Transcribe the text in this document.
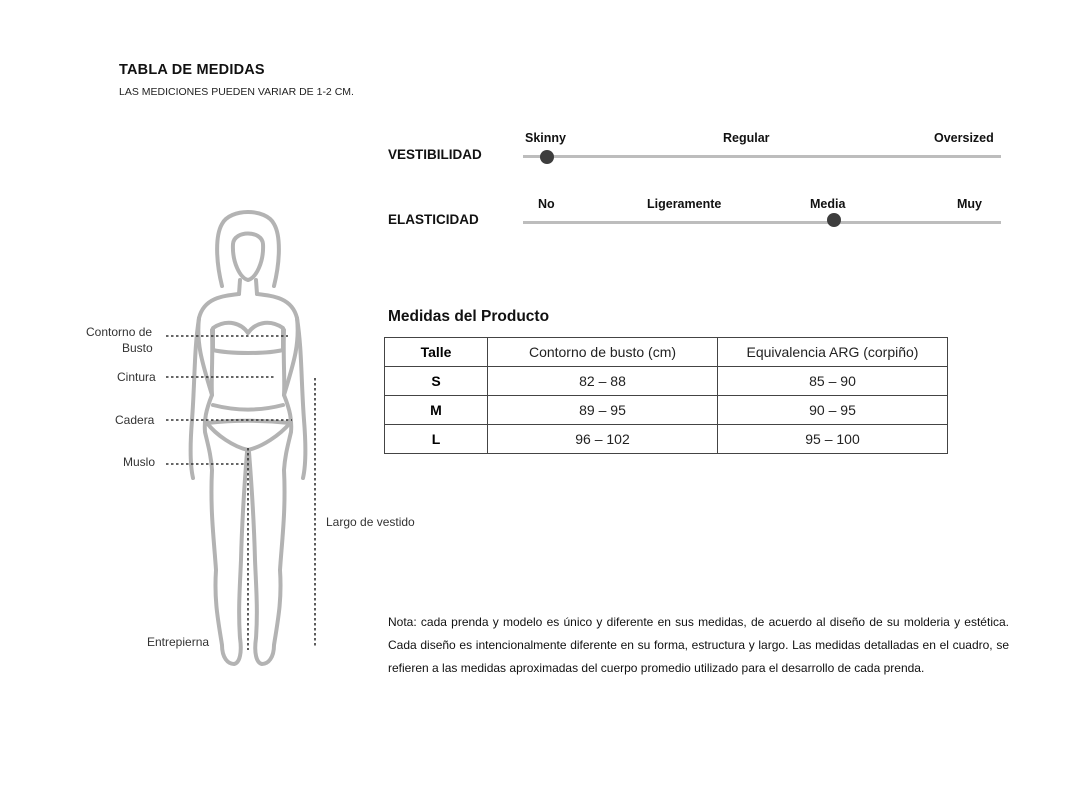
TABLA DE MEDIDAS
LAS MEDICIONES PUEDEN VARIAR DE 1-2 CM.
VESTIBILIDAD
Skinny	Regular	Oversized
ELASTICIDAD
No	Ligeramente	Media	Muy
Medidas del Producto
Talle	Contorno de busto (cm)	Equivalencia ARG (corpiño)
S	82 – 88	85 – 90
M	89 – 95	90 – 95
L	96 – 102	95 – 100
Contorno de
Busto
Cintura
Cadera
Muslo
Entrepierna
Largo de vestido
Nota: cada prenda y modelo es único y diferente en sus medidas, de acuerdo al diseño de su molderia y estética. Cada diseño es intencionalmente diferente en su forma, estructura y largo. Las medidas detalladas en el cuadro, se refieren a las medidas aproximadas del cuerpo promedio utilizado para el desarrollo de cada prenda.
